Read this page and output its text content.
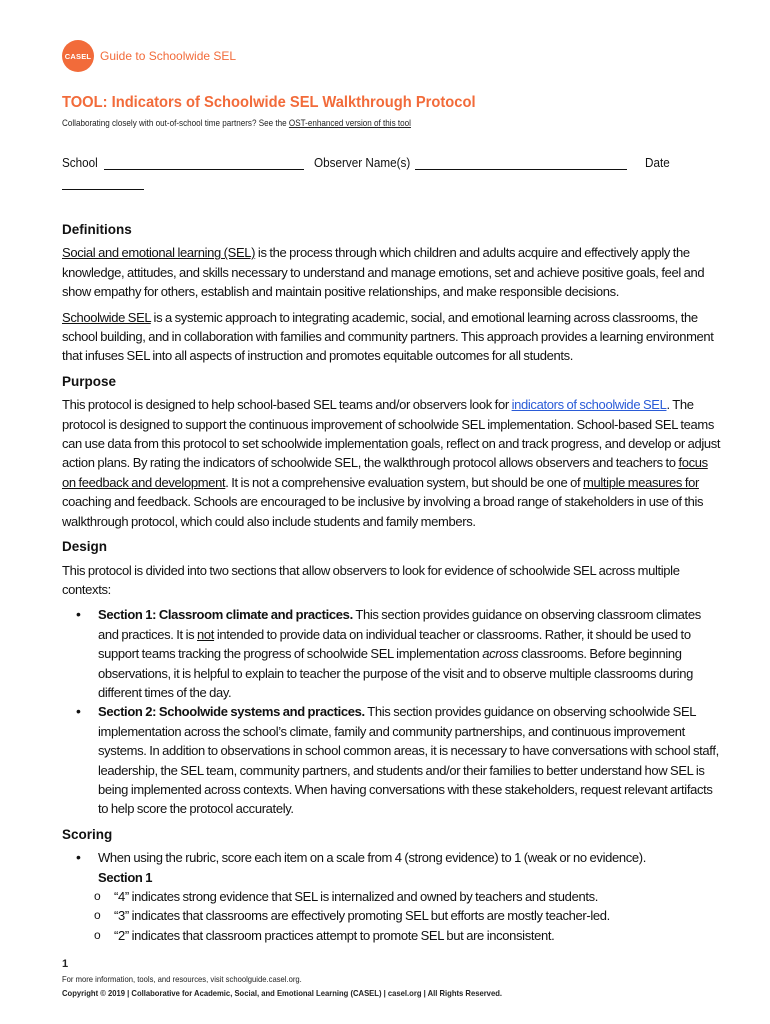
CASEL Guide to Schoolwide SEL
TOOL: Indicators of Schoolwide SEL Walkthrough Protocol
Collaborating closely with out-of-school time partners? See the OST-enhanced version of this tool
School	Observer Name(s)	Date
Definitions

Social and emotional learning (SEL) is the process through which children and adults acquire and effectively apply the knowledge, attitudes, and skills necessary to understand and manage emotions, set and achieve positive goals, feel and show empathy for others, establish and maintain positive relationships, and make responsible decisions.

Schoolwide SEL is a systemic approach to integrating academic, social, and emotional learning across classrooms, the school building, and in collaboration with families and community partners. This approach provides a learning environment that infuses SEL into all aspects of instruction and promotes equitable outcomes for all students.

Purpose

This protocol is designed to help school-based SEL teams and/or observers look for indicators of schoolwide SEL. The protocol is designed to support the continuous improvement of schoolwide SEL implementation. School-based SEL teams can use data from this protocol to set schoolwide implementation goals, reflect on and track progress, and develop or adjust action plans. By rating the indicators of schoolwide SEL, the walkthrough protocol allows observers and teachers to focus on feedback and development. It is not a comprehensive evaluation system, but should be one of multiple measures for coaching and feedback. Schools are encouraged to be inclusive by involving a broad range of stakeholders in use of this walkthrough protocol, which could also include students and family members.

Design

This protocol is divided into two sections that allow observers to look for evidence of schoolwide SEL across multiple contexts:

• Section 1: Classroom climate and practices. This section provides guidance on observing classroom climates and practices. It is not intended to provide data on individual teacher or classrooms. Rather, it should be used to support teams tracking the progress of schoolwide SEL implementation across classrooms. Before beginning observations, it is helpful to explain to teacher the purpose of the visit and to observe multiple classrooms during different times of the day.
• Section 2: Schoolwide systems and practices. This section provides guidance on observing schoolwide SEL implementation across the school’s climate, family and community partnerships, and continuous improvement systems. In addition to observations in school common areas, it is necessary to have conversations with school staff, leadership, the SEL team, community partners, and students and/or their families to better understand how SEL is being implemented across contexts. When having conversations with these stakeholders, request relevant artifacts to help score the protocol accurately.
Scoring
• When using the rubric, score each item on a scale from 4 (strong evidence) to 1 (weak or no evidence).
Section 1
o “4” indicates strong evidence that SEL is internalized and owned by teachers and students.
o “3” indicates that classrooms are effectively promoting SEL but efforts are mostly teacher-led.
o “2” indicates that classroom practices attempt to promote SEL but are inconsistent.
1
For more information, tools, and resources, visit schoolguide.casel.org.
Copyright © 2019 | Collaborative for Academic, Social, and Emotional Learning (CASEL) | casel.org | All Rights Reserved.
